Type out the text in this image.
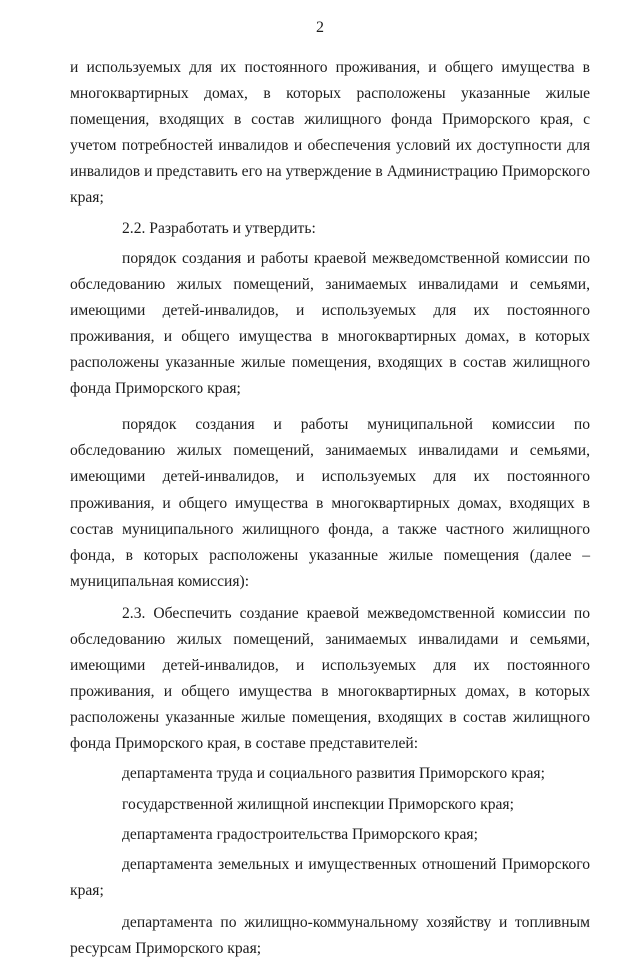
2

и используемых для их постоянного проживания, и общего имущества в многоквартирных домах, в которых расположены указанные жилые помещения, входящих в состав жилищного фонда Приморского края, с учетом потребностей инвалидов и обеспечения условий их доступности для инвалидов и представить его на утверждение в Администрацию Приморского края;

2.2. Разработать и утвердить:

порядок создания и работы краевой межведомственной комиссии по обследованию жилых помещений, занимаемых инвалидами и семьями, имеющими детей-инвалидов, и используемых для их постоянного проживания, и общего имущества в многоквартирных домах, в которых расположены указанные жилые помещения, входящих в состав жилищного фонда Приморского края;

порядок создания и работы муниципальной комиссии по обследованию жилых помещений, занимаемых инвалидами и семьями, имеющими детей-инвалидов, и используемых для их постоянного проживания, и общего имущества в многоквартирных домах, входящих в состав муниципального жилищного фонда, а также частного жилищного фонда, в которых расположены указанные жилые помещения (далее – муниципальная комиссия):

2.3. Обеспечить создание краевой межведомственной комиссии по обследованию жилых помещений, занимаемых инвалидами и семьями, имеющими детей-инвалидов, и используемых для их постоянного проживания, и общего имущества в многоквартирных домах, в которых расположены указанные жилые помещения, входящих в состав жилищного фонда Приморского края, в составе представителей:

департамента труда и социального развития Приморского края;

государственной жилищной инспекции Приморского края;

департамента градостроительства Приморского края;

департамента земельных и имущественных отношений Приморского края;

департамента по жилищно-коммунальному хозяйству и топливным ресурсам Приморского края;
